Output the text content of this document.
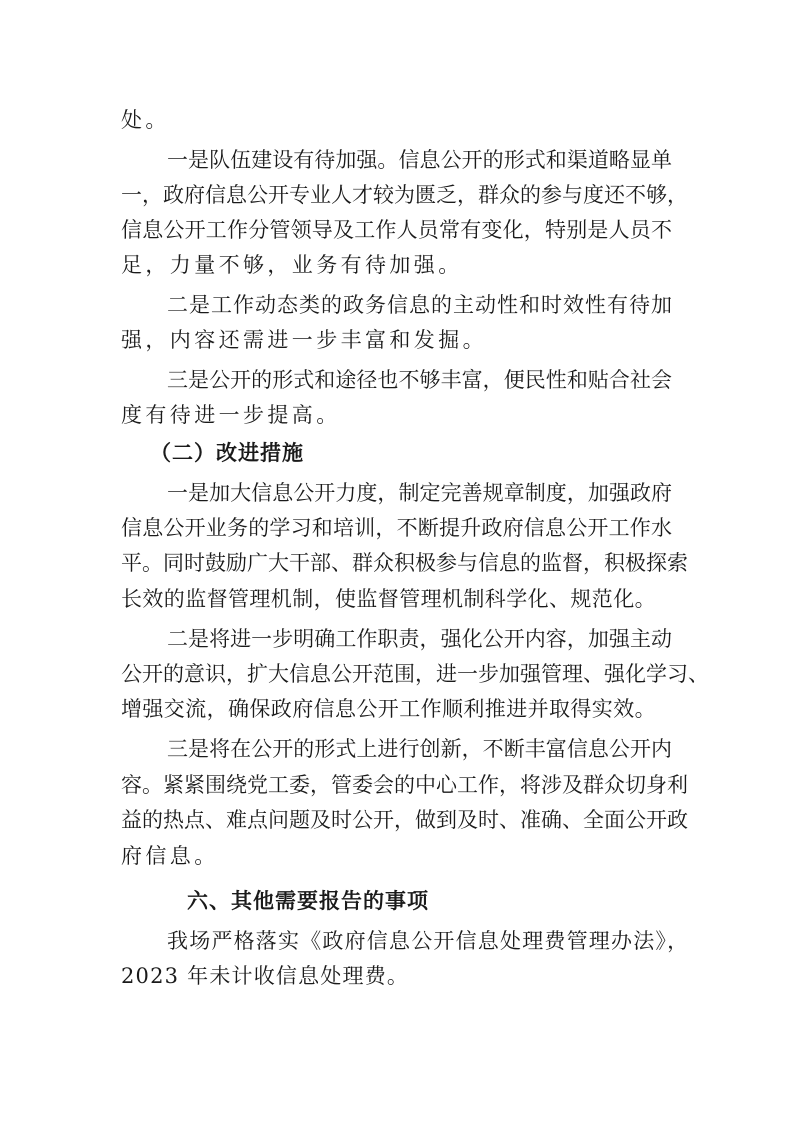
处。
一是队伍建设有待加强。信息公开的形式和渠道略显单
一，政府信息公开专业人才较为匮乏，群众的参与度还不够，
信息公开工作分管领导及工作人员常有变化，特别是人员不
足，力量不够，业务有待加强。
二是工作动态类的政务信息的主动性和时效性有待加
强，内容还需进一步丰富和发掘。
三是公开的形式和途径也不够丰富，便民性和贴合社会
度有待进一步提高。
（二）改进措施
一是加大信息公开力度，制定完善规章制度，加强政府
信息公开业务的学习和培训，不断提升政府信息公开工作水
平。同时鼓励广大干部、群众积极参与信息的监督，积极探索
长效的监督管理机制，使监督管理机制科学化、规范化。
二是将进一步明确工作职责，强化公开内容，加强主动
公开的意识，扩大信息公开范围，进一步加强管理、强化学习、
增强交流，确保政府信息公开工作顺利推进并取得实效。
三是将在公开的形式上进行创新，不断丰富信息公开内
容。紧紧围绕党工委，管委会的中心工作，将涉及群众切身利
益的热点、难点问题及时公开，做到及时、准确、全面公开政
府信息。
六、其他需要报告的事项
我场严格落实《政府信息公开信息处理费管理办法》，
2023 年未计收信息处理费。
